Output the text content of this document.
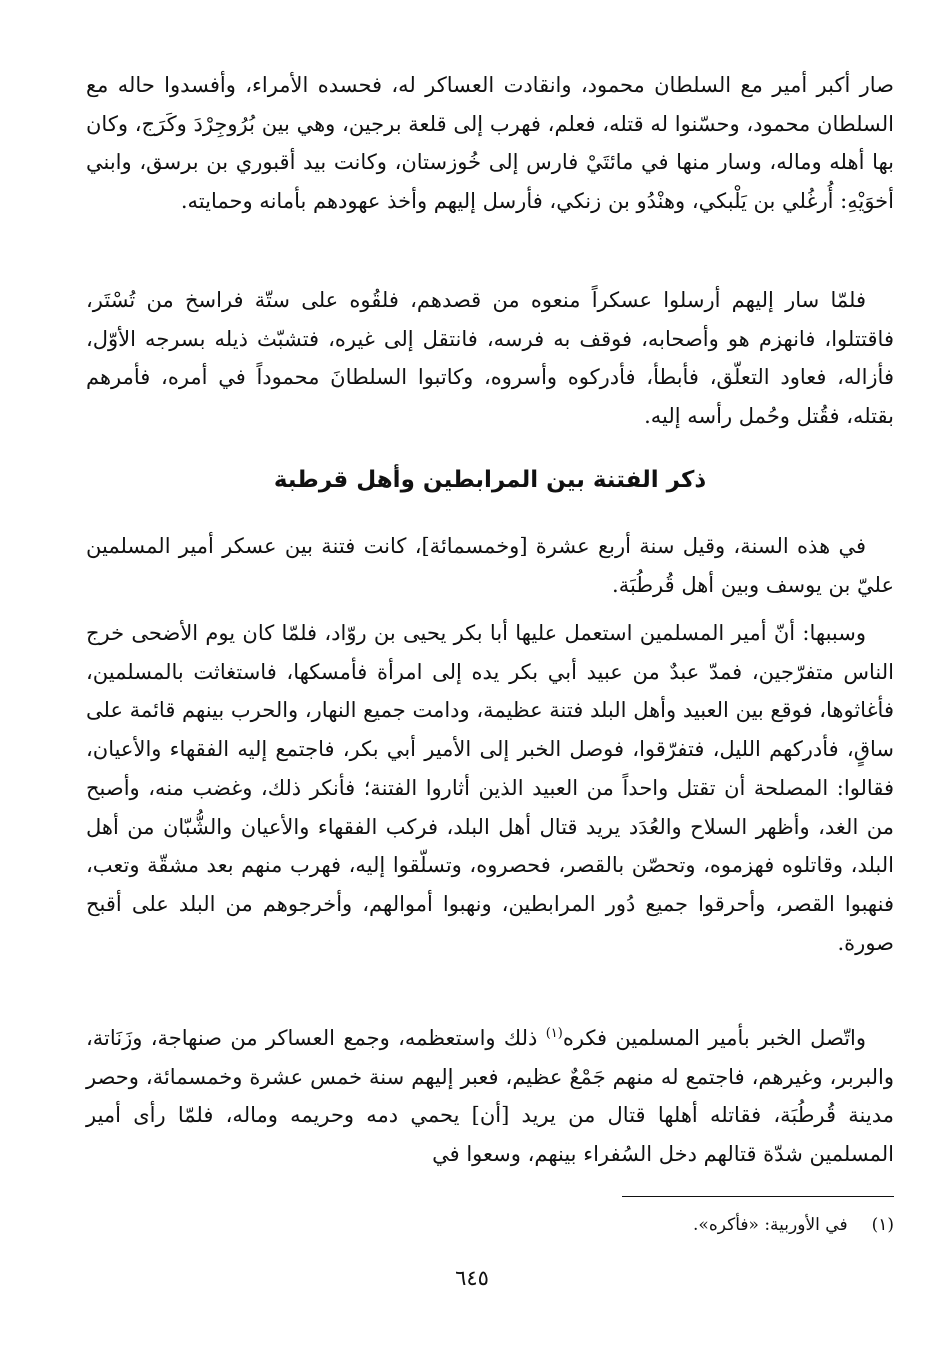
صار أكبر أمير مع السلطان محمود، وانقادت العساكر له، فحسده الأمراء، وأفسدوا حاله مع السلطان محمود، وحسّنوا له قتله، فعلم، فهرب إلى قلعة برجين، وهي بين بُرُوجِرْدَ وكَرَج، وكان بها أهله وماله، وسار منها في مائتَيْ فارس إلى خُوزستان، وكانت بيد أقبوري بن برسق، وابني أخوَيْهِ: أُرغُلي بن يَلْبكي، وهنْدُو بن زنكي، فأرسل إليهم وأخذ عهودهم بأمانه وحمايته.

فلمّا سار إليهم أرسلوا عسكراً منعوه من قصدهم، فلقُوه على ستّة فراسخ من تُسْتَر، فاقتتلوا، فانهزم هو وأصحابه، فوقف به فرسه، فانتقل إلى غيره، فتشبّث ذيله بسرجه الأوّل، فأزاله، فعاود التعلّق، فأبطأ، فأدركوه وأسروه، وكاتبوا السلطانَ محموداً في أمره، فأمرهم بقتله، فقُتل وحُمل رأسه إليه.

ذكر الفتنة بين المرابطين وأهل قرطبة

في هذه السنة، وقيل سنة أربع عشرة [وخمسمائة]، كانت فتنة بين عسكر أمير المسلمين عليّ بن يوسف وبين أهل قُرطُبَة.

وسببها: أنّ أمير المسلمين استعمل عليها أبا بكر يحيى بن روّاد، فلمّا كان يوم الأضحى خرج الناس متفرّجين، فمدّ عبدٌ من عبيد أبي بكر يده إلى امرأة فأمسكها، فاستغاثت بالمسلمين، فأغاثوها، فوقع بين العبيد وأهل البلد فتنة عظيمة، ودامت جميع النهار، والحرب بينهم قائمة على ساقٍ، فأدركهم الليل، فتفرّقوا، فوصل الخبر إلى الأمير أبي بكر، فاجتمع إليه الفقهاء والأعيان، فقالوا: المصلحة أن تقتل واحداً من العبيد الذين أثاروا الفتنة؛ فأنكر ذلك، وغضب منه، وأصبح من الغد، وأظهر السلاح والعُدَد يريد قتال أهل البلد، فركب الفقهاء والأعيان والشُّبّان من أهل البلد، وقاتلوه فهزموه، وتحصّن بالقصر، فحصروه، وتسلّقوا إليه، فهرب منهم بعد مشقّة وتعب، فنهبوا القصر، وأحرقوا جميع دُور المرابطين، ونهبوا أموالهم، وأخرجوهم من البلد على أقبح صورة.

واتّصل الخبر بأمير المسلمين فكره$^{(١)}$ ذلك واستعظمه، وجمع العساكر من صنهاجة، وزَنَاتة، والبربر، وغيرهم، فاجتمع له منهم جَمْعٌ عظيم، فعبر إليهم سنة خمس عشرة وخمسمائة، وحصر مدينة قُرطُبَة، فقاتله أهلها قتال من يريد [أن] يحمي دمه وحريمه وماله، فلمّا رأى أمير المسلمين شدّة قتالهم دخل السُفراء بينهم، وسعوا في

(١)في الأوربية: «فأكره».

٦٤٥
